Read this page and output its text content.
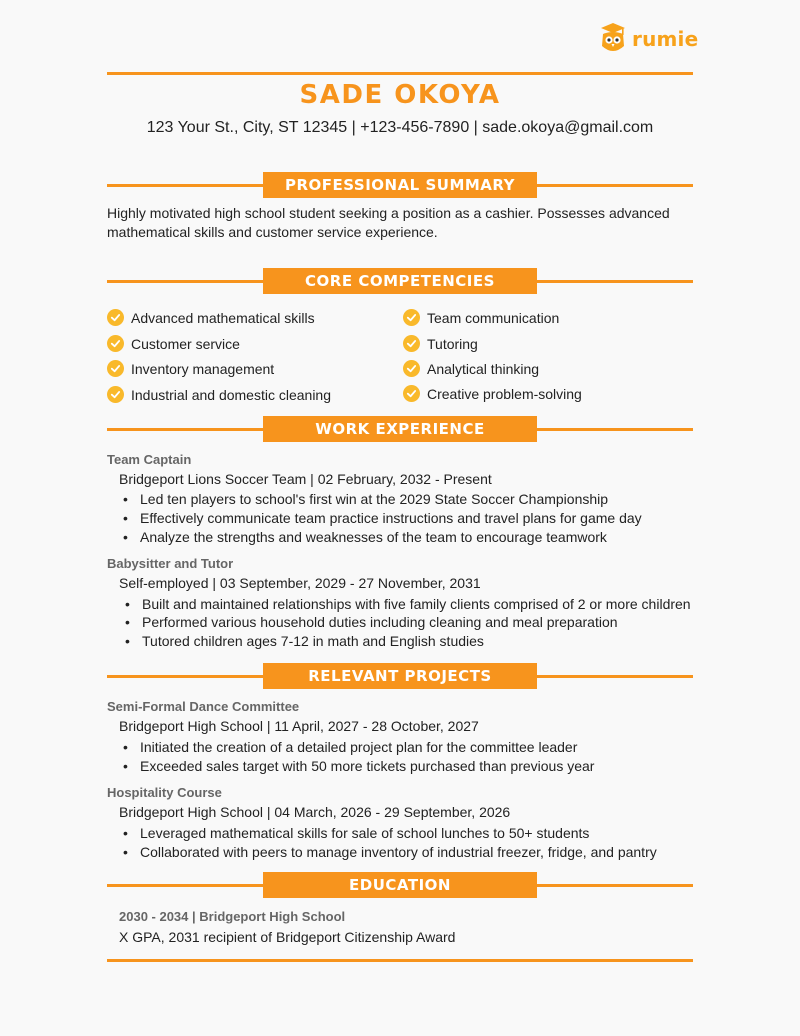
rumie
SADE OKOYA
123 Your St., City, ST 12345 | +123-456-7890 | sade.okoya@gmail.com
PROFESSIONAL SUMMARY
Highly motivated high school student seeking a position as a cashier. Possesses advanced
mathematical skills and customer service experience.
CORE COMPETENCIES
Advanced mathematical skills
Customer service
Inventory management
Industrial and domestic cleaning
Team communication
Tutoring
Analytical thinking
Creative problem-solving
WORK EXPERIENCE
Team Captain
Bridgeport Lions Soccer Team | 02 February, 2032 - Present
• Led ten players to school's first win at the 2029 State Soccer Championship
• Effectively communicate team practice instructions and travel plans for game day
• Analyze the strengths and weaknesses of the team to encourage teamwork
Babysitter and Tutor
Self-employed | 03 September, 2029 - 27 November, 2031
• Built and maintained relationships with five family clients comprised of 2 or more children
• Performed various household duties including cleaning and meal preparation
• Tutored children ages 7-12 in math and English studies
RELEVANT PROJECTS
Semi-Formal Dance Committee
Bridgeport High School | 11 April, 2027 - 28 October, 2027
• Initiated the creation of a detailed project plan for the committee leader
• Exceeded sales target with 50 more tickets purchased than previous year
Hospitality Course
Bridgeport High School | 04 March, 2026 - 29 September, 2026
• Leveraged mathematical skills for sale of school lunches to 50+ students
• Collaborated with peers to manage inventory of industrial freezer, fridge, and pantry
EDUCATION
2030 - 2034 | Bridgeport High School
X GPA, 2031 recipient of Bridgeport Citizenship Award
